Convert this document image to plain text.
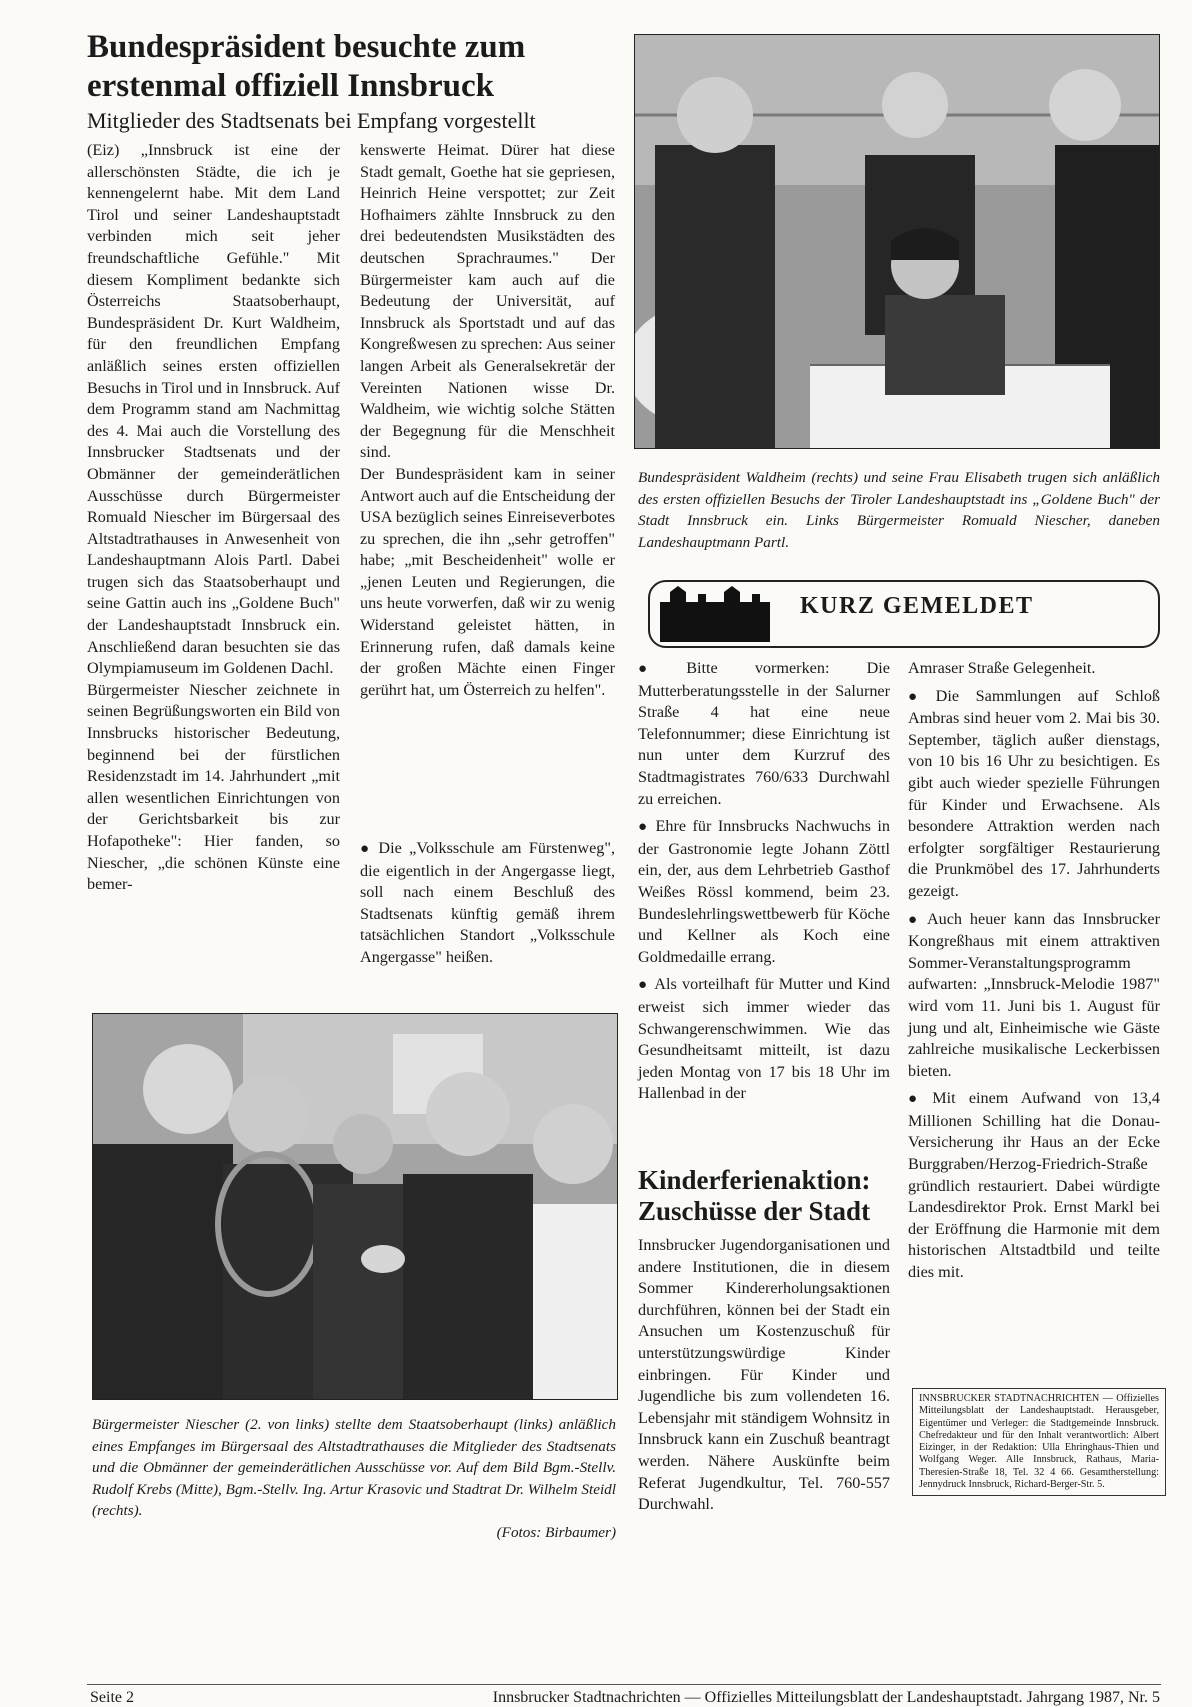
Bundespräsident besuchte zum erstenmal offiziell Innsbruck
Mitglieder des Stadtsenats bei Empfang vorgestellt

(Eiz) „Innsbruck ist eine der allerschönsten Städte, die ich je kennengelernt habe. Mit dem Land Tirol und seiner Landeshauptstadt verbinden mich seit jeher freundschaftliche Gefühle." Mit diesem Kompliment bedankte sich Österreichs Staatsoberhaupt, Bundespräsident Dr. Kurt Waldheim, für den freundlichen Empfang anläßlich seines ersten offiziellen Besuchs in Tirol und in Innsbruck. Auf dem Programm stand am Nachmittag des 4. Mai auch die Vorstellung des Innsbrucker Stadtsenats und der Obmänner der gemeinderätlichen Ausschüsse durch Bürgermeister Romuald Niescher im Bürgersaal des Altstadtrathauses in Anwesenheit von Landeshauptmann Alois Partl. Dabei trugen sich das Staatsoberhaupt und seine Gattin auch ins „Goldene Buch" der Landeshauptstadt Innsbruck ein. Anschließend daran besuchten sie das Olympiamuseum im Goldenen Dachl.

Bürgermeister Niescher zeichnete in seinen Begrüßungsworten ein Bild von Innsbrucks historischer Bedeutung, beginnend bei der fürstlichen Residenzstadt im 14. Jahrhundert „mit allen wesentlichen Einrichtungen von der Gerichtsbarkeit bis zur Hofapotheke": Hier fanden, so Niescher, „die schönen Künste eine bemer-

kenswerte Heimat. Dürer hat diese Stadt gemalt, Goethe hat sie gepriesen, Heinrich Heine verspottet; zur Zeit Hofhaimers zählte Innsbruck zu den drei bedeutendsten Musikstädten des deutschen Sprachraumes." Der Bürgermeister kam auch auf die Bedeutung der Universität, auf Innsbruck als Sportstadt und auf das Kongreßwesen zu sprechen: Aus seiner langen Arbeit als Generalsekretär der Vereinten Nationen wisse Dr. Waldheim, wie wichtig solche Stätten der Begegnung für die Menschheit sind.

Der Bundespräsident kam in seiner Antwort auch auf die Entscheidung der USA bezüglich seines Einreiseverbotes zu sprechen, die ihn „sehr getroffen" habe; „mit Bescheidenheit" wolle er „jenen Leuten und Regierungen, die uns heute vorwerfen, daß wir zu wenig Widerstand geleistet hätten, in Erinnerung rufen, daß damals keine der großen Mächte einen Finger gerührt hat, um Österreich zu helfen".

● Die „Volksschule am Fürstenweg", die eigentlich in der Angergasse liegt, soll nach einem Beschluß des Stadtsenats künftig gemäß ihrem tatsächlichen Standort „Volksschule Angergasse" heißen.
Bundespräsident Waldheim (rechts) und seine Frau Elisabeth trugen sich anläßlich des ersten offiziellen Besuchs der Tiroler Landeshauptstadt ins „Goldene Buch" der Stadt Innsbruck ein. Links Bürgermeister Romuald Niescher, daneben Landeshauptmann Partl.
KURZ GEMELDET

● Bitte vormerken: Die Mutterberatungsstelle in der Salurner Straße 4 hat eine neue Telefonnummer; diese Einrichtung ist nun unter dem Kurzruf des Stadtmagistrates 760/633 Durchwahl zu erreichen.

● Ehre für Innsbrucks Nachwuchs in der Gastronomie legte Johann Zöttl ein, der, aus dem Lehrbetrieb Gasthof Weißes Rössl kommend, beim 23. Bundeslehrlingswettbewerb für Köche und Kellner als Koch eine Goldmedaille errang.

● Als vorteilhaft für Mutter und Kind erweist sich immer wieder das Schwangerenschwimmen. Wie das Gesundheitsamt mitteilt, ist dazu jeden Montag von 17 bis 18 Uhr im Hallenbad in der

Kinderferienaktion: Zuschüsse der Stadt
Innsbrucker Jugendorganisationen und andere Institutionen, die in diesem Sommer Kindererholungsaktionen durchführen, können bei der Stadt ein Ansuchen um Kostenzuschuß für unterstützungswürdige Kinder einbringen. Für Kinder und Jugendliche bis zum vollendeten 16. Lebensjahr mit ständigem Wohnsitz in Innsbruck kann ein Zuschuß beantragt werden. Nähere Auskünfte beim Referat Jugendkultur, Tel. 760-557 Durchwahl.

Amraser Straße Gelegenheit.

● Die Sammlungen auf Schloß Ambras sind heuer vom 2. Mai bis 30. September, täglich außer dienstags, von 10 bis 16 Uhr zu besichtigen. Es gibt auch wieder spezielle Führungen für Kinder und Erwachsene. Als besondere Attraktion werden nach erfolgter sorgfältiger Restaurierung die Prunkmöbel des 17. Jahrhunderts gezeigt.

● Auch heuer kann das Innsbrucker Kongreßhaus mit einem attraktiven Sommer-Veranstaltungsprogramm aufwarten: „Innsbruck-Melodie 1987" wird vom 11. Juni bis 1. August für jung und alt, Einheimische wie Gäste zahlreiche musikalische Leckerbissen bieten.

● Mit einem Aufwand von 13,4 Millionen Schilling hat die Donau-Versicherung ihr Haus an der Ecke Burggraben/Herzog-Friedrich-Straße gründlich restauriert. Dabei würdigte Landesdirektor Prok. Ernst Markl bei der Eröffnung die Harmonie mit dem historischen Altstadtbild und teilte dies mit.

INNSBRUCKER STADTNACHRICHTEN — Offizielles Mitteilungsblatt der Landeshauptstadt. Herausgeber, Eigentümer und Verleger: die Stadtgemeinde Innsbruck. Chefredakteur und für den Inhalt verantwortlich: Albert Eizinger, in der Redaktion: Ulla Ehringhaus-Thien und Wolfgang Weger. Alle Innsbruck, Rathaus, Maria-Theresien-Straße 18, Tel. 32 4 66. Gesamtherstellung: Jennydruck Innsbruck, Richard-Berger-Str. 5.
Bürgermeister Niescher (2. von links) stellte dem Staatsoberhaupt (links) anläßlich eines Empfanges im Bürgersaal des Altstadtrathauses die Mitglieder des Stadtsenats und die Obmänner der gemeinderätlichen Ausschüsse vor. Auf dem Bild Bgm.-Stellv. Rudolf Krebs (Mitte), Bgm.-Stellv. Ing. Artur Krasovic und Stadtrat Dr. Wilhelm Steidl (rechts).
(Fotos: Birbaumer)
Seite 2	Innsbrucker Stadtnachrichten — Offizielles Mitteilungsblatt der Landeshauptstadt. Jahrgang 1987, Nr. 5
